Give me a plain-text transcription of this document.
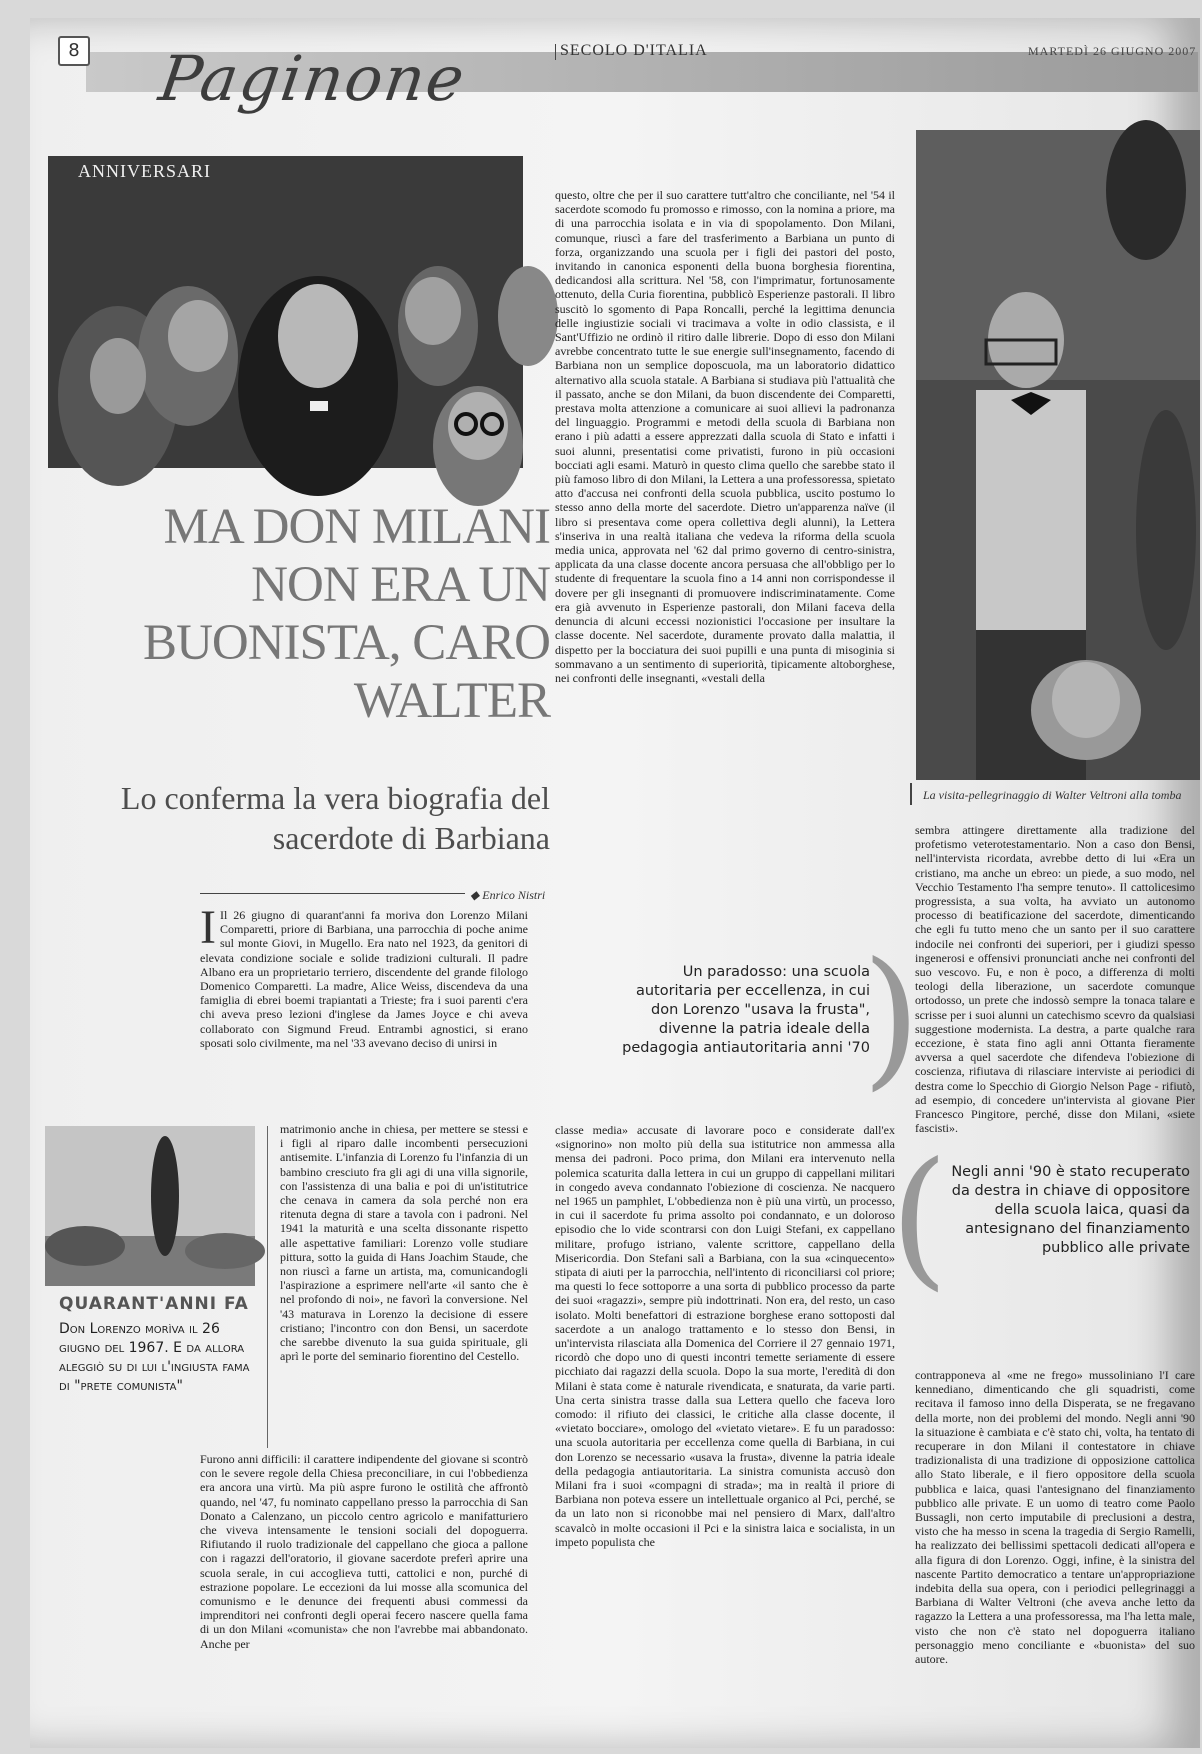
8 Paginone	SECOLO D'ITALIA	MARTEDÌ 26 GIUGNO 2007
ANNIVERSARI
MA DON MILANI NON ERA UN BUONISTA, CARO WALTER
Lo conferma la vera biografia del sacerdote di Barbiana
◆ Enrico Nistri
I Il 26 giugno di quarant'anni fa moriva don Lorenzo Milani Comparetti, priore di Barbiana, una parrocchia di poche anime sul monte Giovi, in Mugello. Era nato nel 1923, da genitori di elevata condizione sociale e solide tradizioni culturali. Il padre Albano era un proprietario terriero, discendente del grande filologo Domenico Comparetti. La madre, Alice Weiss, discendeva da una famiglia di ebrei boemi trapiantati a Trieste; fra i suoi parenti c'era chi aveva preso lezioni d'inglese da James Joyce e chi aveva collaborato con Sigmund Freud. Entrambi agnostici, si erano sposati solo civilmente, ma nel '33 avevano deciso di unirsi in
QUARANT'ANNI FA
Don Lorenzo morìva il 26 giugno del 1967. E da allora aleggiò su di lui l'ingiusta fama di "prete comunista"
matrimonio anche in chiesa, per mettere se stessi e i figli al riparo dalle incombenti persecuzioni antisemite. L'infanzia di Lorenzo fu l'infanzia di un bambino cresciuto fra gli agi di una villa signorile, con l'assistenza di una balia e poi di un'istitutrice che cenava in camera da sola perché non era ritenuta degna di stare a tavola con i padroni. Nel 1941 la maturità e una scelta dissonante rispetto alle aspettative familiari: Lorenzo volle studiare pittura, sotto la guida di Hans Joachim Staude, che non riuscì a farne un artista, ma, comunicandogli l'aspirazione a esprimere nell'arte «il santo che è nel profondo di noi», ne favorì la conversione. Nel '43 maturava in Lorenzo la decisione di essere cristiano; l'incontro con don Bensi, un sacerdote che sarebbe divenuto la sua guida spirituale, gli aprì le porte del seminario fiorentino del Cestello.
Furono anni difficili: il carattere indipendente del giovane si scontrò con le severe regole della Chiesa preconciliare, in cui l'obbedienza era ancora una virtù. Ma più aspre furono le ostilità che affrontò quando, nel '47, fu nominato cappellano presso la parrocchia di San Donato a Calenzano, un piccolo centro agricolo e manifatturiero che viveva intensamente le tensioni sociali del dopoguerra. Rifiutando il ruolo tradizionale del cappellano che gioca a pallone con i ragazzi dell'oratorio, il giovane sacerdote preferì aprire una scuola serale, in cui accoglieva tutti, cattolici e non, purché di estrazione popolare. Le eccezioni da lui mosse alla scomunica del comunismo e le denunce dei frequenti abusi commessi da imprenditori nei confronti degli operai fecero nascere quella fama di un don Milani «comunista» che non l'avrebbe mai abbandonato. Anche per
questo, oltre che per il suo carattere tutt'altro che conciliante, nel '54 il sacerdote scomodo fu promosso e rimosso, con la nomina a priore, ma di una parrocchia isolata e in via di spopolamento. Don Milani, comunque, riuscì a fare del trasferimento a Barbiana un punto di forza, organizzando una scuola per i figli dei pastori del posto, invitando in canonica esponenti della buona borghesia fiorentina, dedicandosi alla scrittura. Nel '58, con l'imprimatur, fortunosamente ottenuto, della Curia fiorentina, pubblicò Esperienze pastorali. Il libro suscitò lo sgomento di Papa Roncalli, perché la legittima denuncia delle ingiustizie sociali vi tracimava a volte in odio classista, e il Sant'Uffizio ne ordinò il ritiro dalle librerie. Dopo di esso don Milani avrebbe concentrato tutte le sue energie sull'insegnamento, facendo di Barbiana non un semplice doposcuola, ma un laboratorio didattico alternativo alla scuola statale. A Barbiana si studiava più l'attualità che il passato, anche se don Milani, da buon discendente dei Comparetti, prestava molta attenzione a comunicare ai suoi allievi la padronanza del linguaggio. Programmi e metodi della scuola di Barbiana non erano i più adatti a essere apprezzati dalla scuola di Stato e infatti i suoi alunni, presentatisi come privatisti, furono in più occasioni bocciati agli esami. Maturò in questo clima quello che sarebbe stato il più famoso libro di don Milani, la Lettera a una professoressa, spietato atto d'accusa nei confronti della scuola pubblica, uscito postumo lo stesso anno della morte del sacerdote. Dietro un'apparenza naïve (il libro si presentava come opera collettiva degli alunni), la Lettera s'inseriva in una realtà italiana che vedeva la riforma della scuola media unica, approvata nel '62 dal primo governo di centro-sinistra, applicata da una classe docente ancora persuasa che all'obbligo per lo studente di frequentare la scuola fino a 14 anni non corrispondesse il dovere per gli insegnanti di promuovere indiscriminatamente. Come era già avvenuto in Esperienze pastorali, don Milani faceva della denuncia di alcuni eccessi nozionistici l'occasione per insultare la classe docente. Nel sacerdote, duramente provato dalla malattia, il dispetto per la bocciatura dei suoi pupilli e una punta di misoginia si sommavano a un sentimento di superiorità, tipicamente altoborghese, nei confronti delle insegnanti, «vestali della
Un paradosso: una scuola autoritaria per eccellenza, in cui don Lorenzo "usava la frusta", divenne la patria ideale della pedagogia antiautoritaria anni '70
)
classe media» accusate di lavorare poco e considerate dall'ex «signorino» non molto più della sua istitutrice non ammessa alla mensa dei padroni. Poco prima, don Milani era intervenuto nella polemica scaturita dalla lettera in cui un gruppo di cappellani militari in congedo aveva condannato l'obiezione di coscienza. Ne nacquero nel 1965 un pamphlet, L'obbedienza non è più una virtù, un processo, in cui il sacerdote fu prima assolto poi condannato, e un doloroso episodio che lo vide scontrarsi con don Luigi Stefani, ex cappellano militare, profugo istriano, valente scrittore, cappellano della Misericordia. Don Stefani salì a Barbiana, con la sua «cinquecento» stipata di aiuti per la parrocchia, nell'intento di riconciliarsi col priore; ma questi lo fece sottoporre a una sorta di pubblico processo da parte dei suoi «ragazzi», sempre più indottrinati. Non era, del resto, un caso isolato. Molti benefattori di estrazione borghese erano sottoposti dal sacerdote a un analogo trattamento e lo stesso don Bensi, in un'intervista rilasciata alla Domenica del Corriere il 27 gennaio 1971, ricordò che dopo uno di questi incontri temette seriamente di essere picchiato dai ragazzi della scuola. Dopo la sua morte, l'eredità di don Milani è stata come è naturale rivendicata, e snaturata, da varie parti. Una certa sinistra trasse dalla sua Lettera quello che faceva loro comodo: il rifiuto dei classici, le critiche alla classe docente, il «vietato bocciare», omologo del «vietato vietare». E fu un paradosso: una scuola autoritaria per eccellenza come quella di Barbiana, in cui don Lorenzo se necessario «usava la frusta», divenne la patria ideale della pedagogia antiautoritaria. La sinistra comunista accusò don Milani fra i suoi «compagni di strada»; ma in realtà il priore di Barbiana non poteva essere un intellettuale organico al Pci, perché, se da un lato non si riconobbe mai nel pensiero di Marx, dall'altro scavalcò in molte occasioni il Pci e la sinistra laica e socialista, in un impeto populista che
La visita-pellegrinaggio di Walter Veltroni alla tomba
sembra attingere direttamente alla tradizione del profetismo veterotestamentario. Non a caso don Bensi, nell'intervista ricordata, avrebbe detto di lui «Era un cristiano, ma anche un ebreo: un piede, a suo modo, nel Vecchio Testamento l'ha sempre tenuto». Il cattolicesimo progressista, a sua volta, ha avviato un autonomo processo di beatificazione del sacerdote, dimenticando che egli fu tutto meno che un santo per il suo carattere indocile nei confronti dei superiori, per i giudizi spesso ingenerosi e offensivi pronunciati anche nei confronti del suo vescovo. Fu, e non è poco, a differenza di molti teologi della liberazione, un sacerdote comunque ortodosso, un prete che indossò sempre la tonaca talare e scrisse per i suoi alunni un catechismo scevro da qualsiasi suggestione modernista. La destra, a parte qualche rara eccezione, è stata fino agli anni Ottanta fieramente avversa a quel sacerdote che difendeva l'obiezione di coscienza, rifiutava di rilasciare interviste ai periodici di destra come lo Specchio di Giorgio Nelson Page - rifiutò, ad esempio, di concedere un'intervista al giovane Pier Francesco Pingitore, perché, disse don Milani, «siete fascisti».
( Negli anni '90 è stato recuperato da destra in chiave di oppositore della scuola laica, quasi da antesignano del finanziamento pubblico alle private
contrapponeva al «me ne frego» mussoliniano l'I care kennediano, dimenticando che gli squadristi, come recitava il famoso inno della Disperata, se ne fregavano della morte, non dei problemi del mondo. Negli anni '90 la situazione è cambiata e c'è stato chi, volta, ha tentato di recuperare in don Milani il contestatore in chiave tradizionalista di una tradizione di opposizione cattolica allo Stato liberale, e il fiero oppositore della scuola pubblica e laica, quasi l'antesignano del finanziamento pubblico alle private. E un uomo di teatro come Paolo Bussagli, non certo imputabile di preclusioni a destra, visto che ha messo in scena la tragedia di Sergio Ramelli, ha realizzato dei bellissimi spettacoli dedicati all'opera e alla figura di don Lorenzo. Oggi, infine, è la sinistra del nascente Partito democratico a tentare un'appropriazione indebita della sua opera, con i periodici pellegrinaggi a Barbiana di Walter Veltroni (che aveva anche letto da ragazzo la Lettera a una professoressa, ma l'ha letta male, visto che non c'è stato nel dopoguerra italiano personaggio meno conciliante e «buonista» del suo autore.
